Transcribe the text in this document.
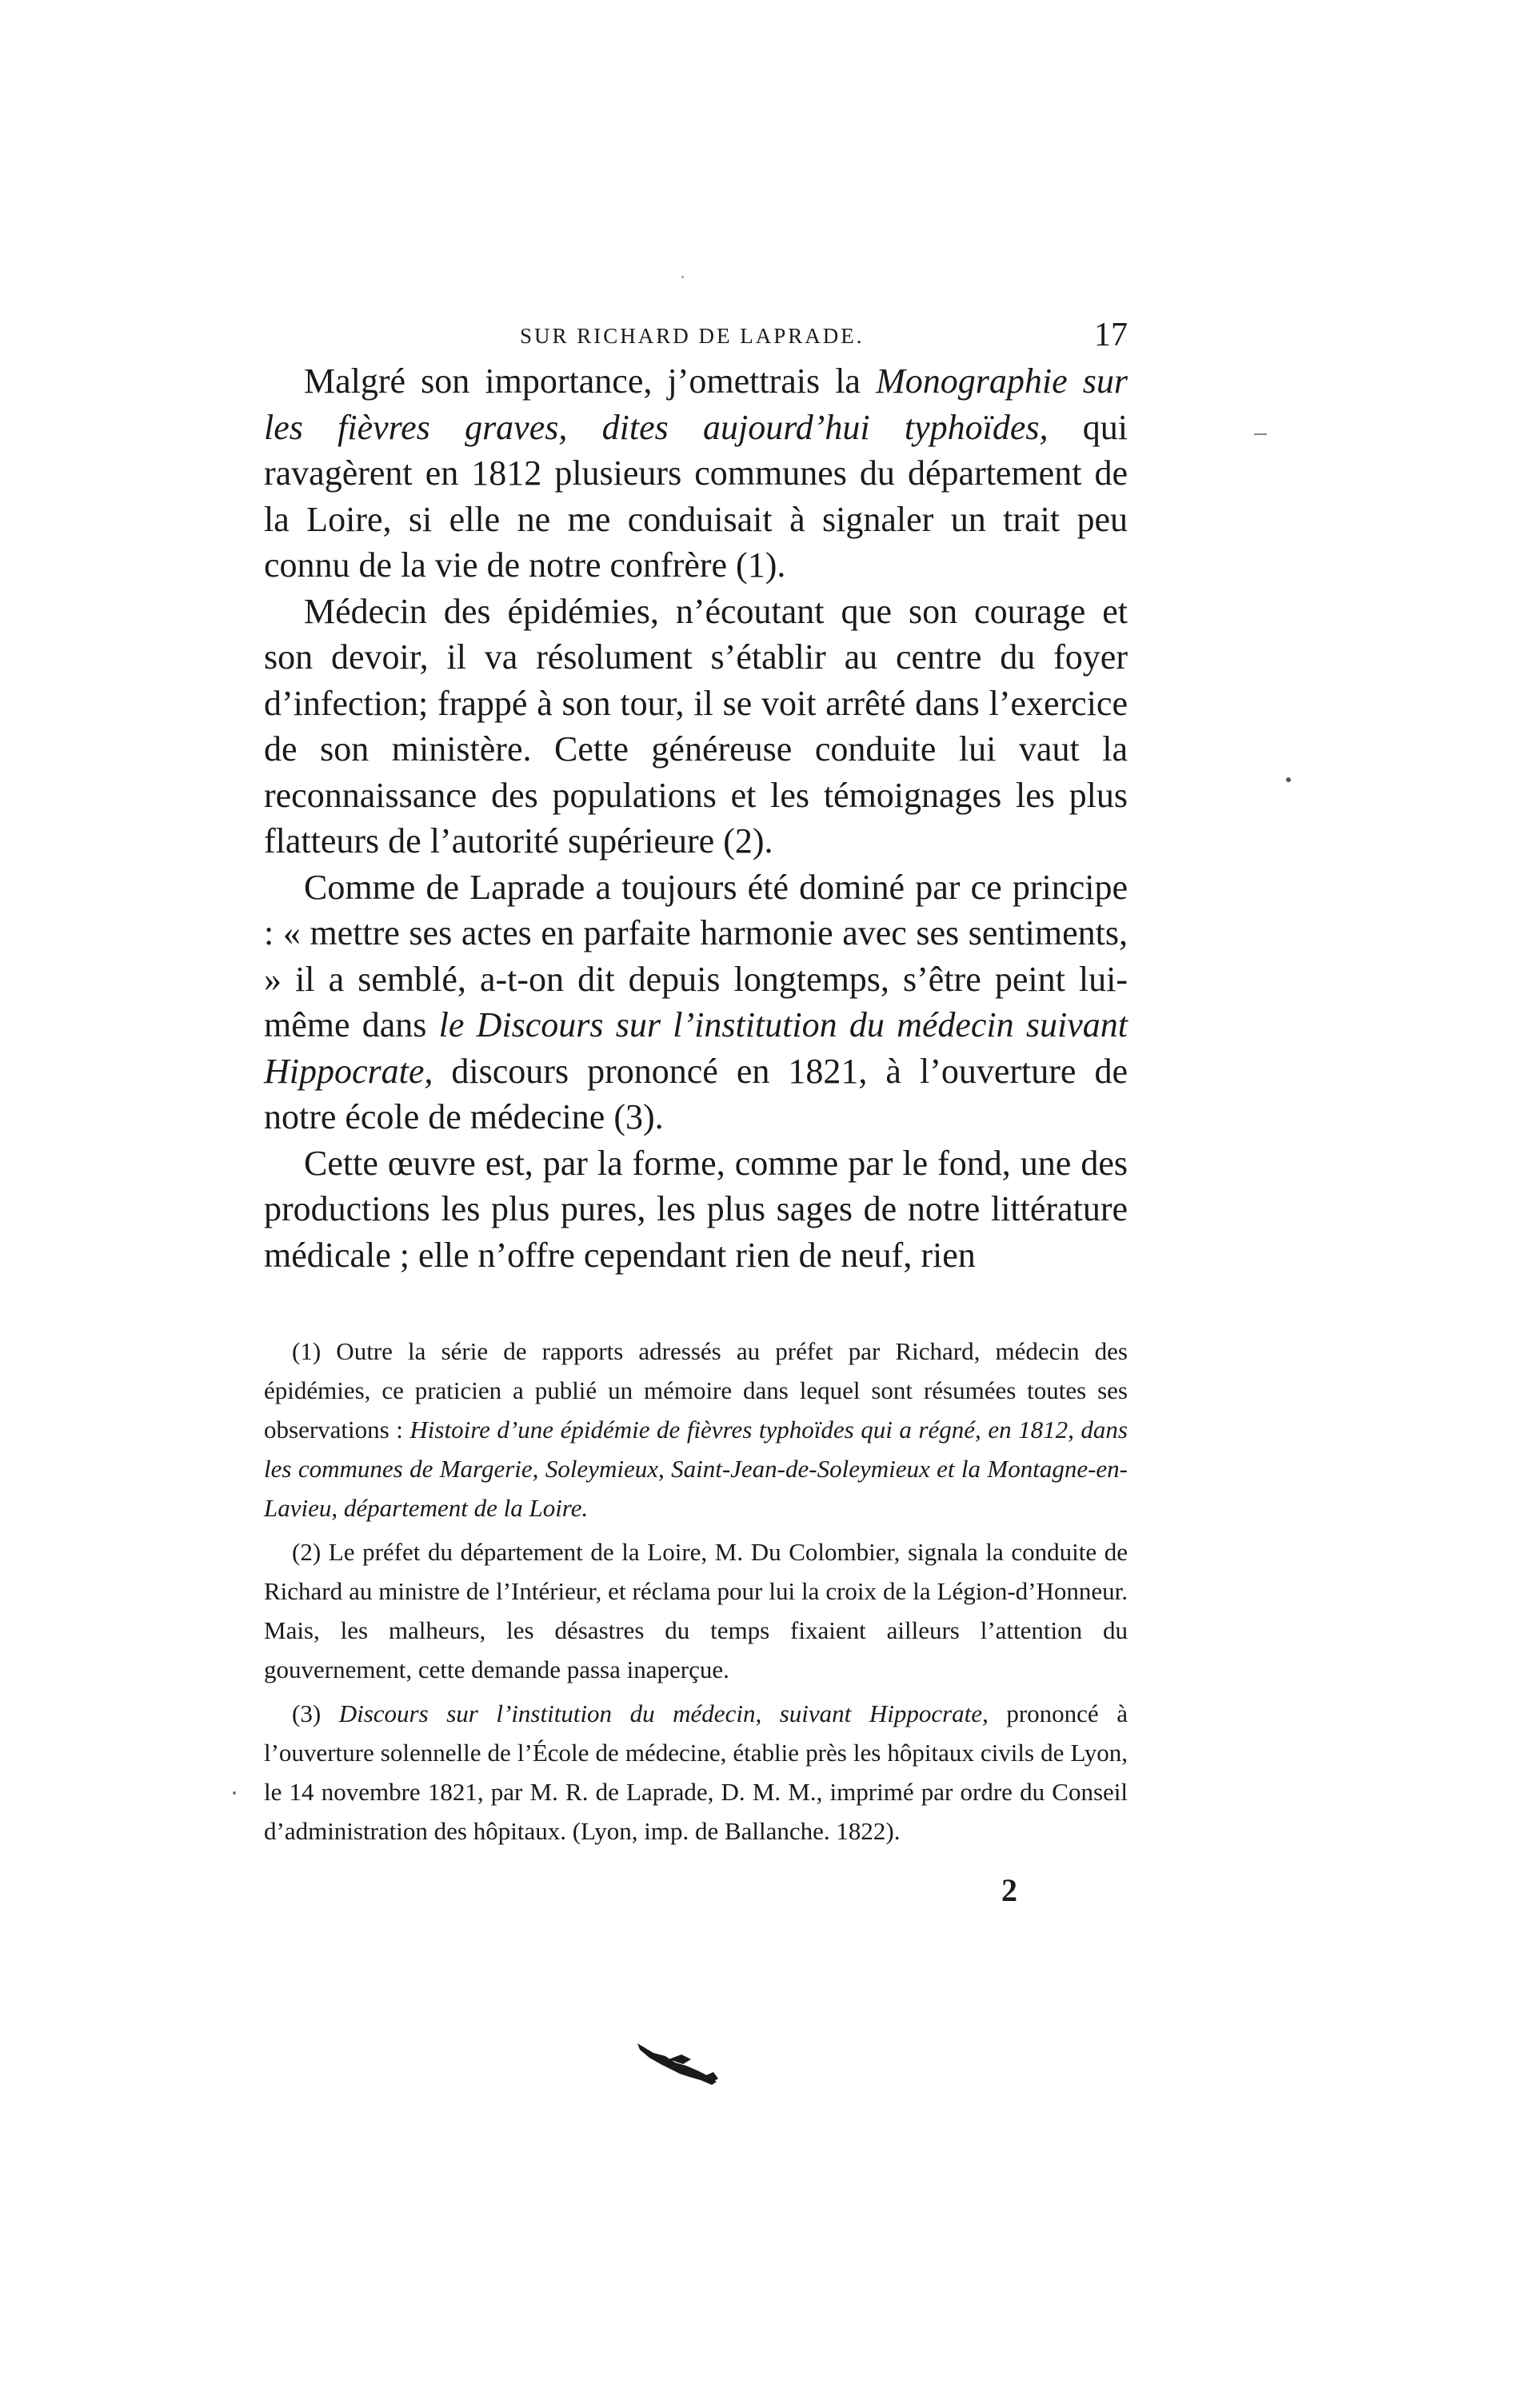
SUR RICHARD DE LAPRADE.	17

Malgré son importance, j’omettrais la Monographie sur les fièvres graves, dites aujourd’hui typhoïdes, qui ravagèrent en 1812 plusieurs communes du département de la Loire, si elle ne me conduisait à signaler un trait peu connu de la vie de notre confrère (1).

Médecin des épidémies, n’écoutant que son courage et son devoir, il va résolument s’établir au centre du foyer d’infection; frappé à son tour, il se voit arrêté dans l’exercice de son ministère. Cette généreuse conduite lui vaut la reconnaissance des populations et les témoignages les plus flatteurs de l’autorité supérieure (2).

Comme de Laprade a toujours été dominé par ce principe : « mettre ses actes en parfaite harmonie avec ses sentiments, » il a semblé, a-t-on dit depuis longtemps, s’être peint lui-même dans le Discours sur l’institution du médecin suivant Hippocrate, discours prononcé en 1821, à l’ouverture de notre école de médecine (3).

Cette œuvre est, par la forme, comme par le fond, une des productions les plus pures, les plus sages de notre littérature médicale ; elle n’offre cependant rien de neuf, rien

(1) Outre la série de rapports adressés au préfet par Richard, médecin des épidémies, ce praticien a publié un mémoire dans lequel sont résumées toutes ses observations : Histoire d’une épidémie de fièvres typhoïdes qui a régné, en 1812, dans les communes de Margerie, Soleymieux, Saint-Jean-de-Soleymieux et la Montagne-en-Lavieu, département de la Loire.

(2) Le préfet du département de la Loire, M. Du Colombier, signala la conduite de Richard au ministre de l’Intérieur, et réclama pour lui la croix de la Légion-d’Honneur. Mais, les malheurs, les désastres du temps fixaient ailleurs l’attention du gouvernement, cette demande passa inaperçue.

(3) Discours sur l’institution du médecin, suivant Hippocrate, prononcé à l’ouverture solennelle de l’École de médecine, établie près les hôpitaux civils de Lyon, le 14 novembre 1821, par M. R. de Laprade, D. M. M., imprimé par ordre du Conseil d’administration des hôpitaux. (Lyon, imp. de Ballanche. 1822).

2
